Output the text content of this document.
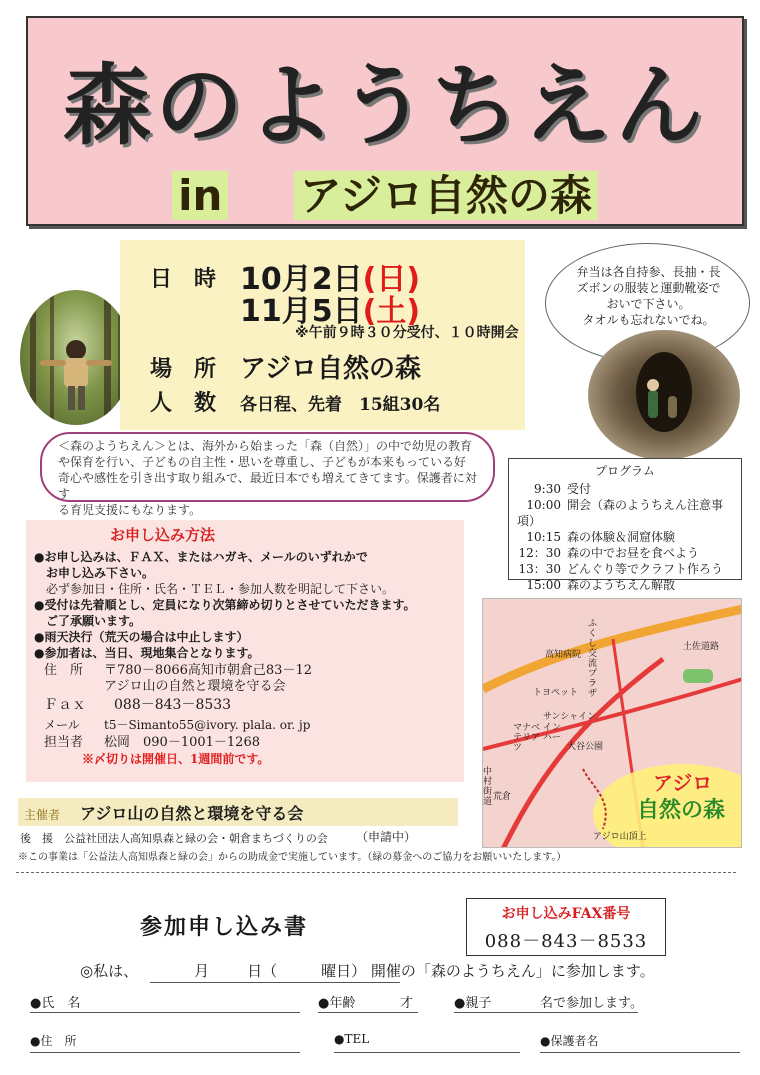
森のようちえん
in アジロ自然の森
日　時 10月2日(日)
11月5日(土)
※午前９時３０分受付、１０時開会
場　所 アジロ自然の森
人　数 各日程、先着　15組30名
弁当は各自持参、長抽・長
ズボンの服装と運動靴姿で
おいで下さい。
タオルも忘れないでね。
＜森のようちえん＞とは、海外から始まった「森（自然）」の中で幼児の教育
や保育を行い、子どもの自主性・思いを尊重し、子どもが本来もっている好
奇心や感性を引き出す取り組みで、最近日本でも増えてきてます。保護者に対す
る育児支援にもなります。
プログラム
9:30 受付
10:00 開会（森のようちえん注意事項）
10:15 森の体験＆洞窟体験
12：30 森の中でお昼を食べよう
13：30 どんぐり等でクラフト作ろう
15:00 森のようちえん解散
お申し込み方法
●お申し込みは、ＦＡＸ、またはハガキ、メールのいずれかで
　お申し込み下さい。
　必ず参加日・住所・氏名・ＴＥＬ・参加人数を明記して下さい。
●受付は先着順とし、定員になり次第締め切りとさせていただきます。
　ご了承願います。
●雨天決行（荒天の場合は中止します）
●参加者は、当日、現地集合となります。
住　所 〒780－8066高知市朝倉己83－12
アジロ山の自然と環境を守る会
Ｆａｘ 088－843－8533
メール t5－Simanto55@ivory. plala. or. jp
担当者 松岡　090－1001－1268
※〆切りは開催日、1週間前です。
高知病院
トヨペット
サンシャイン
マナベ インテリア ハーツ	大谷公園
土佐道路
ふくし交流プラザ
荒倉
中村街道
アジロ山頂上
アジロ
自然の森
主催者 アジロ山の自然と環境を守る会
後　援　 公益社団法人高知県森と緑の会・朝倉まちづくりの会 （申請中）
※この事業は「公益法人高知県森と緑の会」からの助成金で実施しています。（緑の募金へのご協力をお願いいたします。）
参加申し込み書	お申し込みFAX番号
088－843－8533
◎私は、	月	日（	曜日） 開催の「森のようちえん」に参加します。
●氏　名	●年齢	才	●親子	名で参加します。
●住　所	●TEL	●保護者名
